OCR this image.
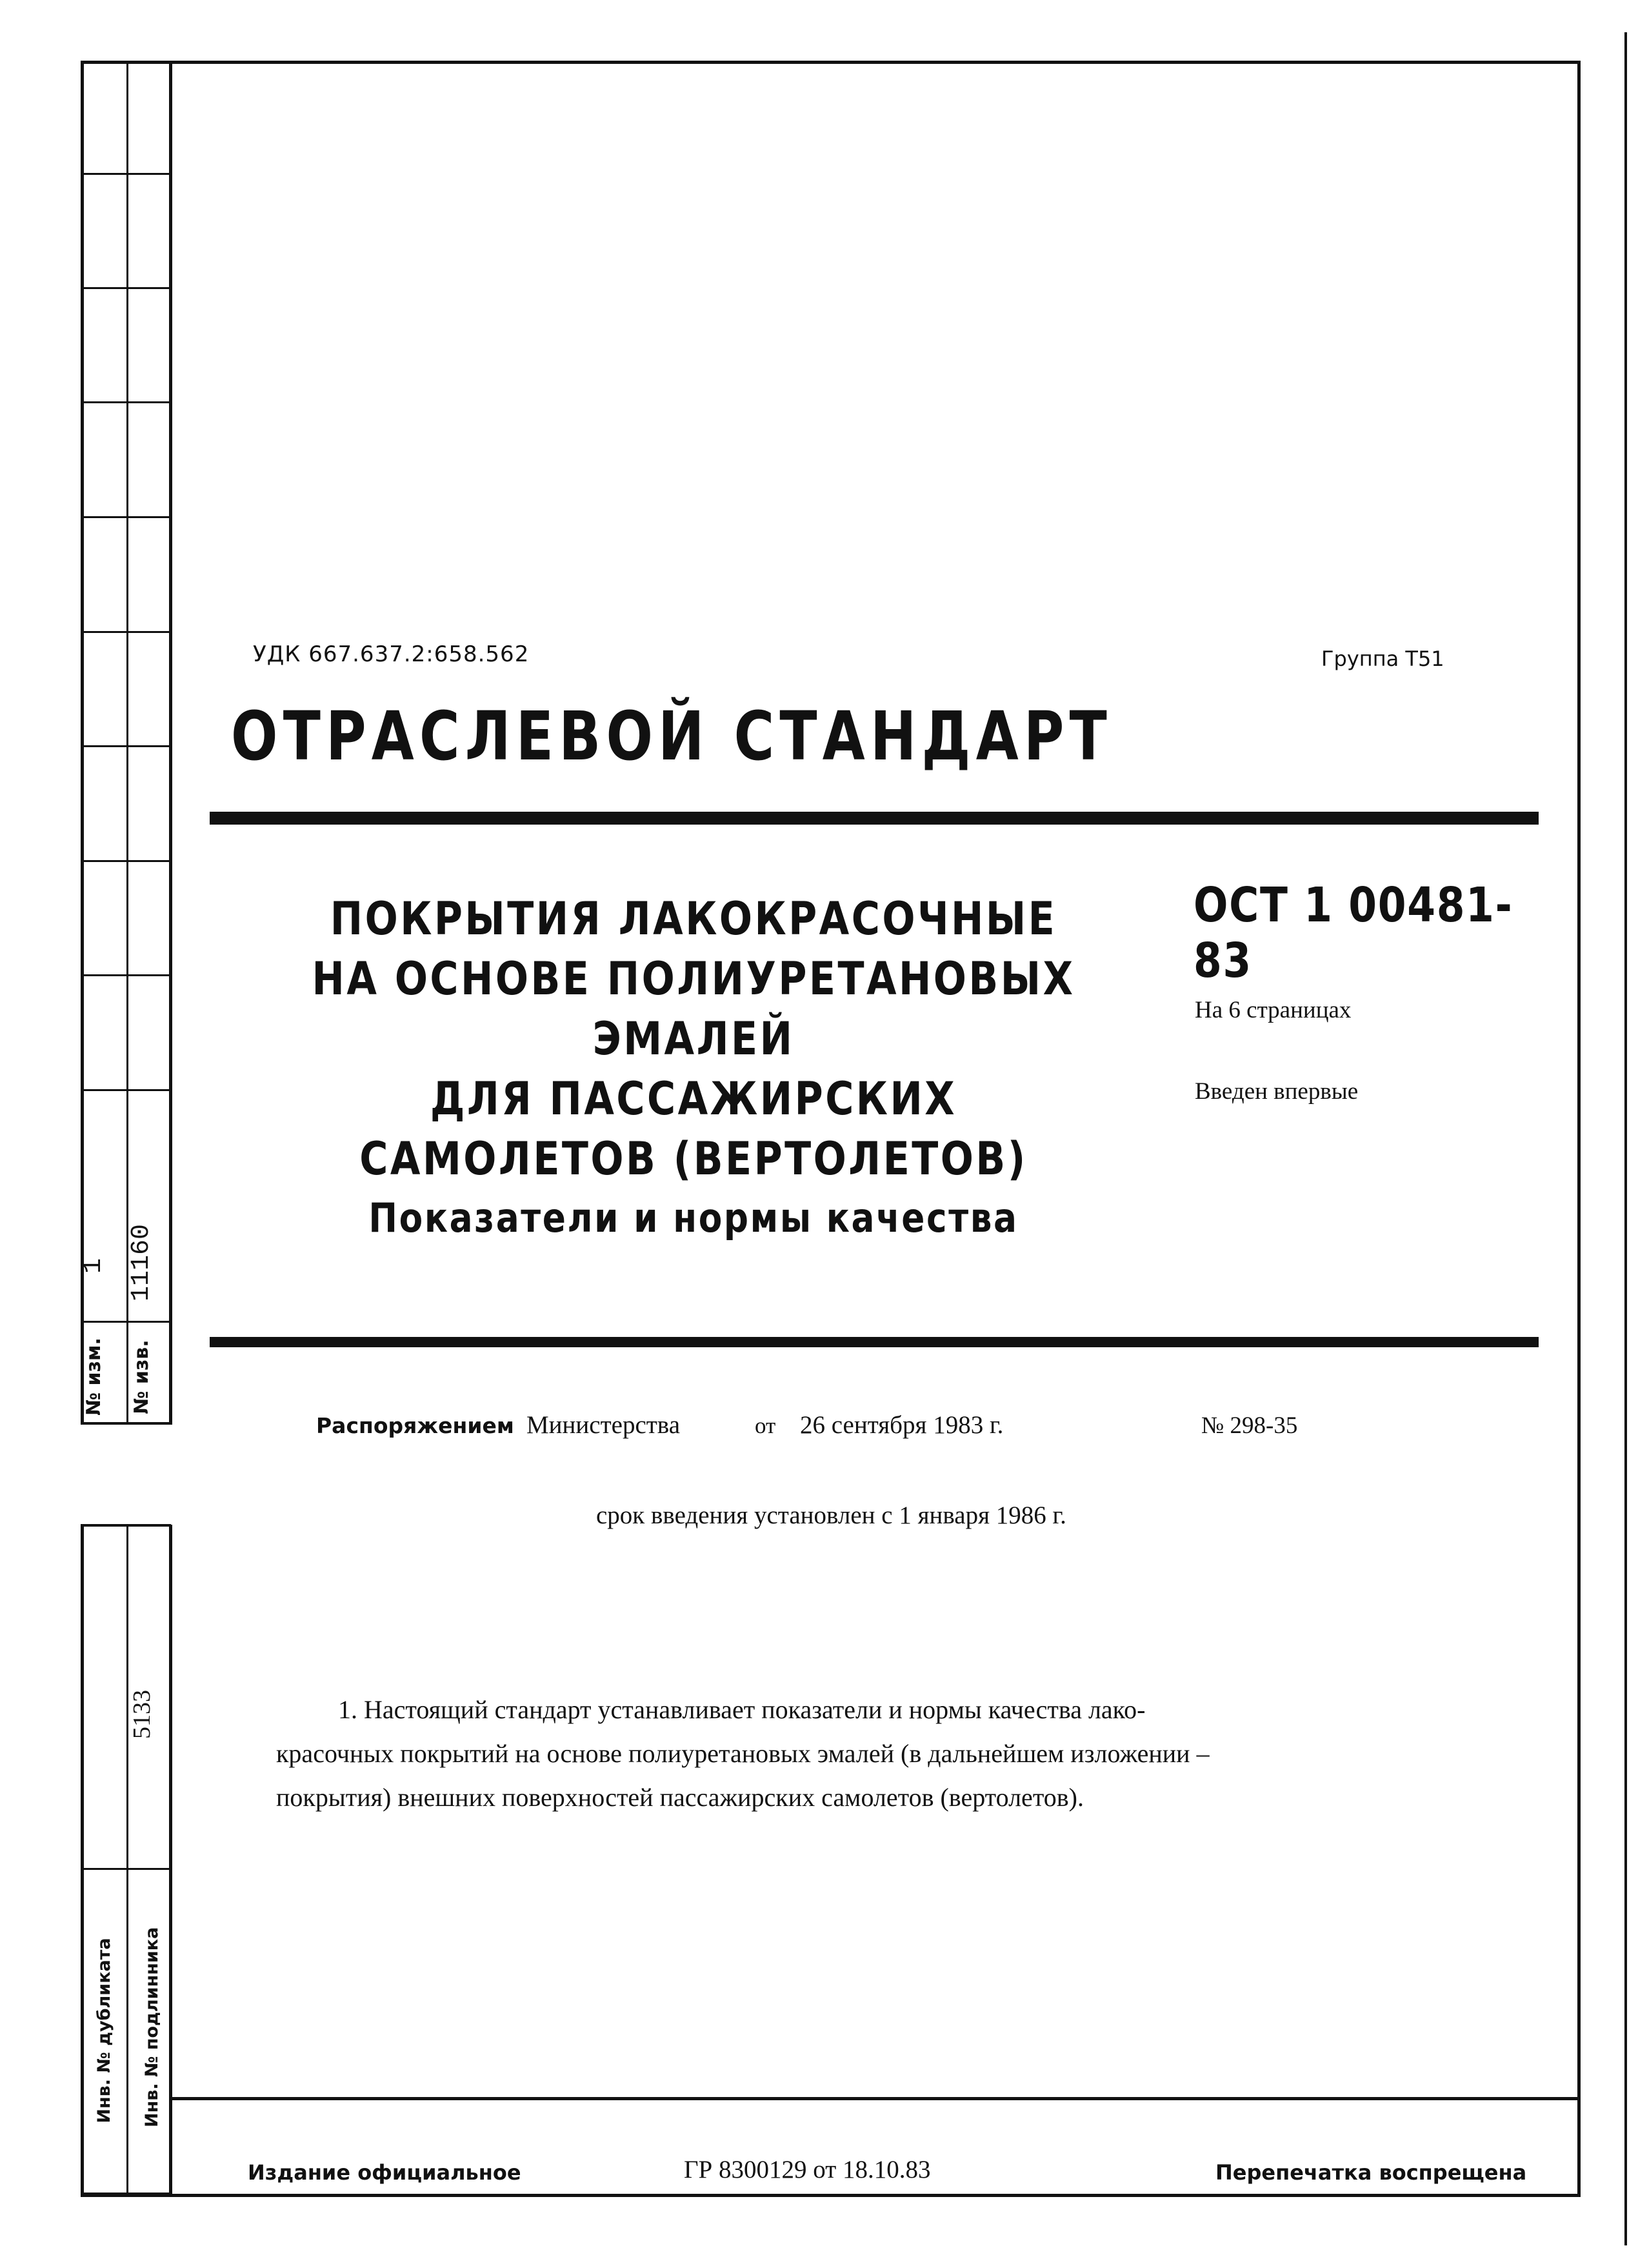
№ изм.
1
№ изв.
11160
5133
Инв. № дубликата Инв. № подлинника
УДК 667.637.2:658.562	Группа Т51
ОТРАСЛЕВОЙ СТАНДАРТ
ПОКРЫТИЯ ЛАКОКРАСОЧНЫЕ
НА ОСНОВЕ ПОЛИУРЕТАНОВЫХ ЭМАЛЕЙ
ДЛЯ ПАССАЖИРСКИХ
САМОЛЕТОВ (ВЕРТОЛЕТОВ)
Показатели и нормы качества
ОСТ 1 00481-83
На 6 страницах
Введен впервые
Распоряжением Министерства	от 26 сентября 1983 г.	№ 298-35
срок введения установлен с 1 января 1986 г.
1. Настоящий стандарт устанавливает показатели и нормы качества лако-
красочных покрытий на основе полиуретановых эмалей (в дальнейшем изложении –
покрытия) внешних поверхностей пассажирских самолетов (вертолетов).
Издание официальное	ГР 8300129 от 18.10.83	Перепечатка воспрещена
